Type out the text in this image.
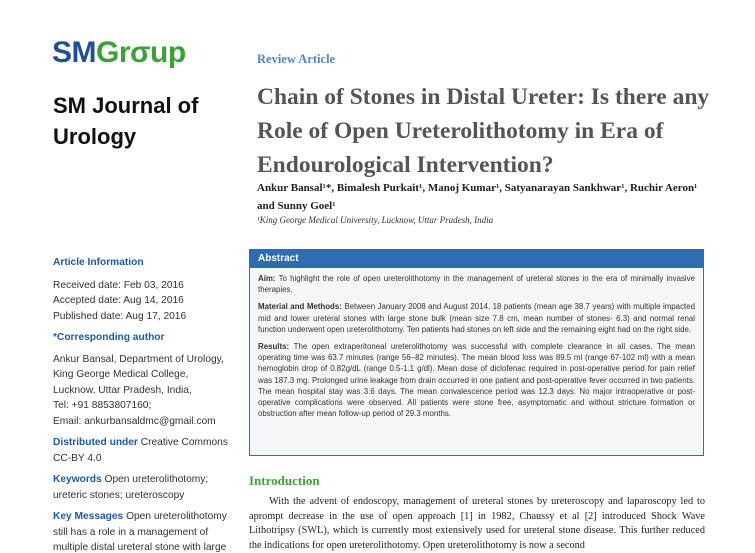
SMGrσup
SM Journal of Urology
Article Information
Received date: Feb 03, 2016
Accepted date: Aug 14, 2016
Published date: Aug 17, 2016
*Corresponding author
Ankur Bansal, Department of Urology,
King George Medical College,
Lucknow, Uttar Pradesh, India,
Tel: +91 8853807160;
Email: ankurbansaldmc@gmail.com
Distributed under Creative Commons CC-BY 4.0
Keywords Open ureterolithotomy; ureteric stones; ureteroscopy
Key Messages Open ureterolithotomy still has a role in a management of multiple distal ureteral stone with large
Review Article
Chain of Stones in Distal Ureter: Is there any Role of Open Ureterolithotomy in Era of Endourological Intervention?
Ankur Bansal¹*, Bimalesh Purkait¹, Manoj Kumar¹, Satyanarayan Sankhwar¹, Ruchir Aeron¹ and Sunny Goel¹
¹King George Medical University, Lucknow, Uttar Pradesh, India
Abstract

Aim: To highlight the role of open ureterolithotomy in the management of ureteral stones in the era of minimally invasive therapies.

Material and Methods: Between January 2008 and August 2014, 18 patients (mean age 38.7 years) with multiple impacted mid and lower ureteral stones with large stone bulk (mean size 7.8 cm, mean number of stones- 6.3) and normal renal function underwent open ureterolithotomy. Ten patients had stones on left side and the remaining eight had on the right side.

Results: The open extraperitoneal ureterolithotomy was successful with complete clearance in all cases. The mean operating time was 63.7 minutes (range 56–82 minutes). The mean blood loss was 89.5 ml (range 67-102 ml) with a mean hemoglobin drop of 0.82g/dL (range 0.5-1.1 g/dl). Mean dose of diclofenac required in post-operative period for pain relief was 187.3 mg. Prolonged urine leakage from drain occurred in one patient and post-operative fever occurred in two patients. The mean hospital stay was 3.6 days. The mean convalescence period was 12.3 days. No major intraoperative or post-operative complications were observed. All patients were stone free, asymptomatic and without stricture formation or obstruction after mean follow-up period of 29.3 months.

Introduction

With the advent of endoscopy, management of ureteral stones by ureteroscopy and laparoscopy led to aprompt decrease in the use of open approach [1] in 1982, Chaussy et al [2] introduced Shock Wave Lithotripsy (SWL), which is currently most extensively used for ureteral stone disease. This further reduced the indications for open ureterolithotomy. Open ureterolithotomy is now a second
